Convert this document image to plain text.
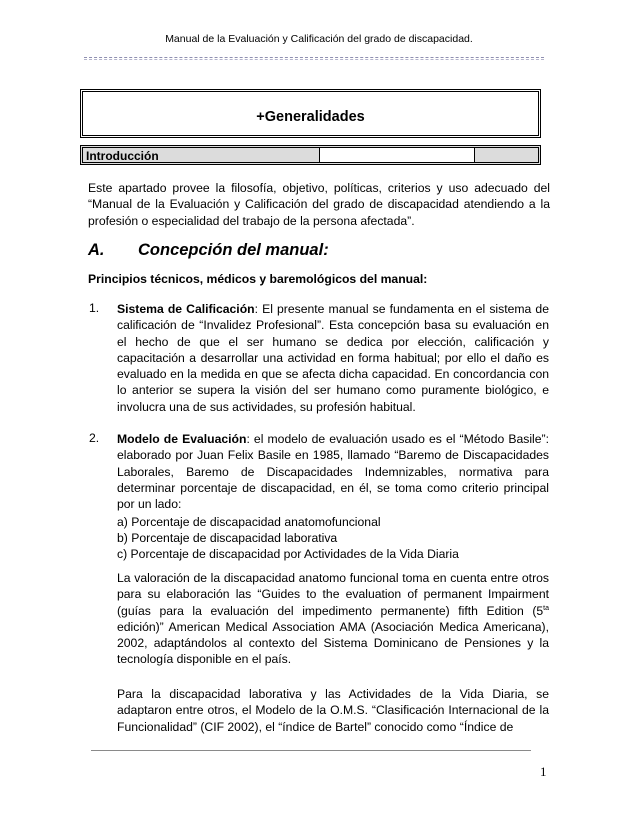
Manual de la Evaluación y Calificación del grado de discapacidad.
+Generalidades
Introducción
Este apartado provee la filosofía, objetivo, políticas, criterios y uso adecuado del “Manual de la Evaluación y Calificación del grado de discapacidad atendiendo a la profesión o especialidad del trabajo de la persona afectada”.
A. Concepción del manual:
Principios técnicos, médicos y baremológicos del manual:
1. Sistema de Calificación: El presente manual se fundamenta en el sistema de calificación de “Invalidez Profesional”. Esta concepción basa su evaluación en el hecho de que el ser humano se dedica por elección, calificación y capacitación a desarrollar una actividad en forma habitual; por ello el daño es evaluado en la medida en que se afecta dicha capacidad. En concordancia con lo anterior se supera la visión del ser humano como puramente biológico, e involucra una de sus actividades, su profesión habitual.
2. Modelo de Evaluación: el modelo de evaluación usado es el “Método Basile”: elaborado por Juan Felix Basile en 1985, llamado “Baremo de Discapacidades Laborales, Baremo de Discapacidades Indemnizables, normativa para determinar porcentaje de discapacidad, en él, se toma como criterio principal por un lado:
a) Porcentaje de discapacidad anatomofuncional
b) Porcentaje de discapacidad laborativa
c) Porcentaje de discapacidad por Actividades de la Vida Diaria
La valoración de la discapacidad anatomo funcional toma en cuenta entre otros para su elaboración las “Guides to the evaluation of permanent Impairment (guías para la evaluación del impedimento permanente) fifth Edition ($5^{ta}$ edición)” American Medical Association AMA (Asociación Medica Americana), 2002, adaptándolos al contexto del Sistema Dominicano de Pensiones y la tecnología disponible en el país.
Para la discapacidad laborativa y las Actividades de la Vida Diaria, se adaptaron entre otros, el Modelo de la O.M.S. “Clasificación Internacional de la Funcionalidad” (CIF 2002), el “índice de Bartel” conocido como “Índice de
1
